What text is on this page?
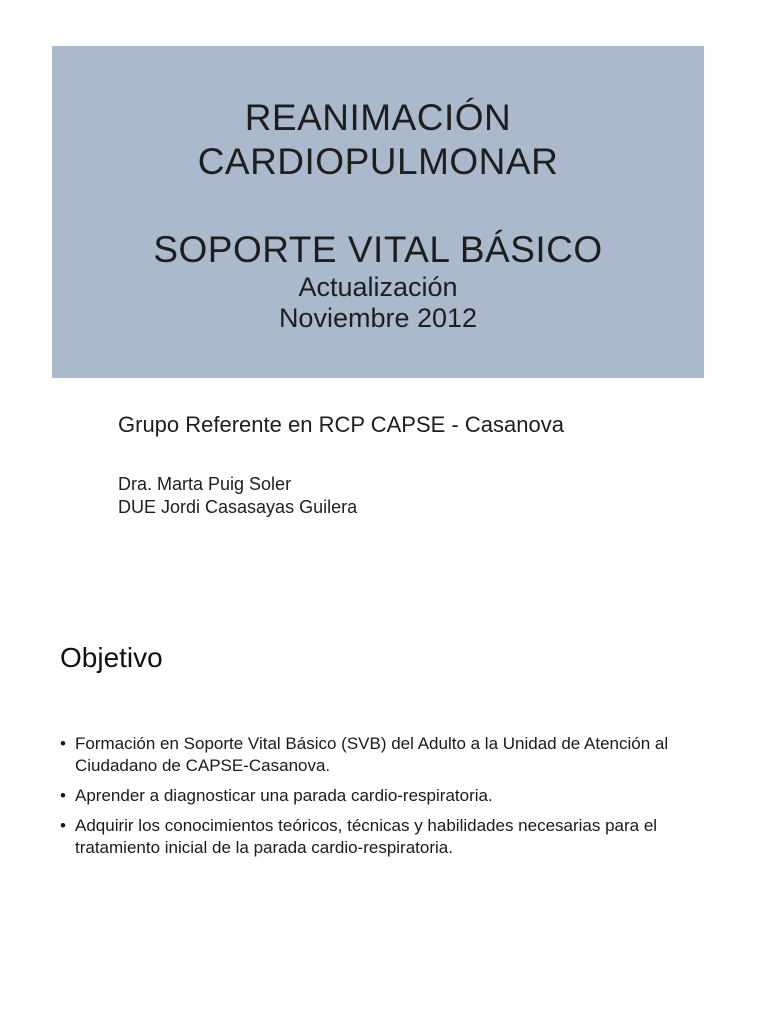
REANIMACIÓN
CARDIOPULMONAR
SOPORTE VITAL BÁSICO
Actualización
Noviembre 2012

Grupo Referente en RCP CAPSE - Casanova

Dra. Marta Puig Soler
DUE Jordi Casasayas Guilera
Objetivo
• Formación en Soporte Vital Básico (SVB) del Adulto a la Unidad de Atención al Ciudadano de CAPSE-Casanova.
• Aprender a diagnosticar una parada cardio-respiratoria.
• Adquirir los conocimientos teóricos, técnicas y habilidades necesarias para el tratamiento inicial de la parada cardio-respiratoria.
